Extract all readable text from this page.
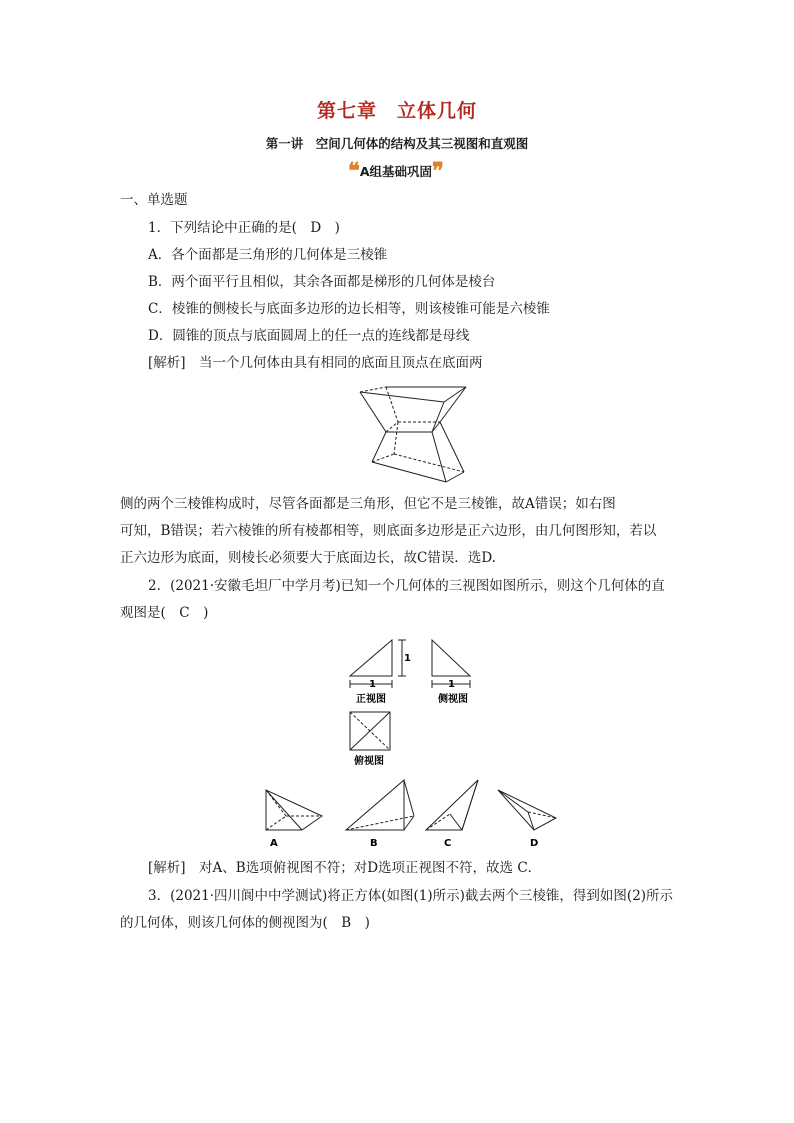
第七章　立体几何
第一讲　空间几何体的结构及其三视图和直观图
❝ A组基础巩固 ❞
一、单选题
1．下列结论中正确的是(　D　)
A．各个面都是三角形的几何体是三棱锥
B．两个面平行且相似，其余各面都是梯形的几何体是棱台
C．棱锥的侧棱长与底面多边形的边长相等，则该棱锥可能是六棱锥
D．圆锥的顶点与底面圆周上的任一点的连线都是母线
[解析]　当一个几何体由具有相同的底面且顶点在底面两
侧的两个三棱锥构成时，尽管各面都是三角形，但它不是三棱锥，故A错误；如右图
可知，B错误；若六棱锥的所有棱都相等，则底面多边形是正六边形，由几何图形知，若以
正六边形为底面，则棱长必须要大于底面边长，故C错误．选D.
2．(2021·安徽毛坦厂中学月考)已知一个几何体的三视图如图所示，则这个几何体的直
观图是(　C　)
1
1
正视图
1
侧视图
俯视图
A	B	C	D
[解析]　对A、B选项俯视图不符；对D选项正视图不符，故选 C．
3．(2021·四川阆中中学测试)将正方体(如图(1)所示)截去两个三棱锥，得到如图(2)所示
的几何体，则该几何体的侧视图为(　B　)
